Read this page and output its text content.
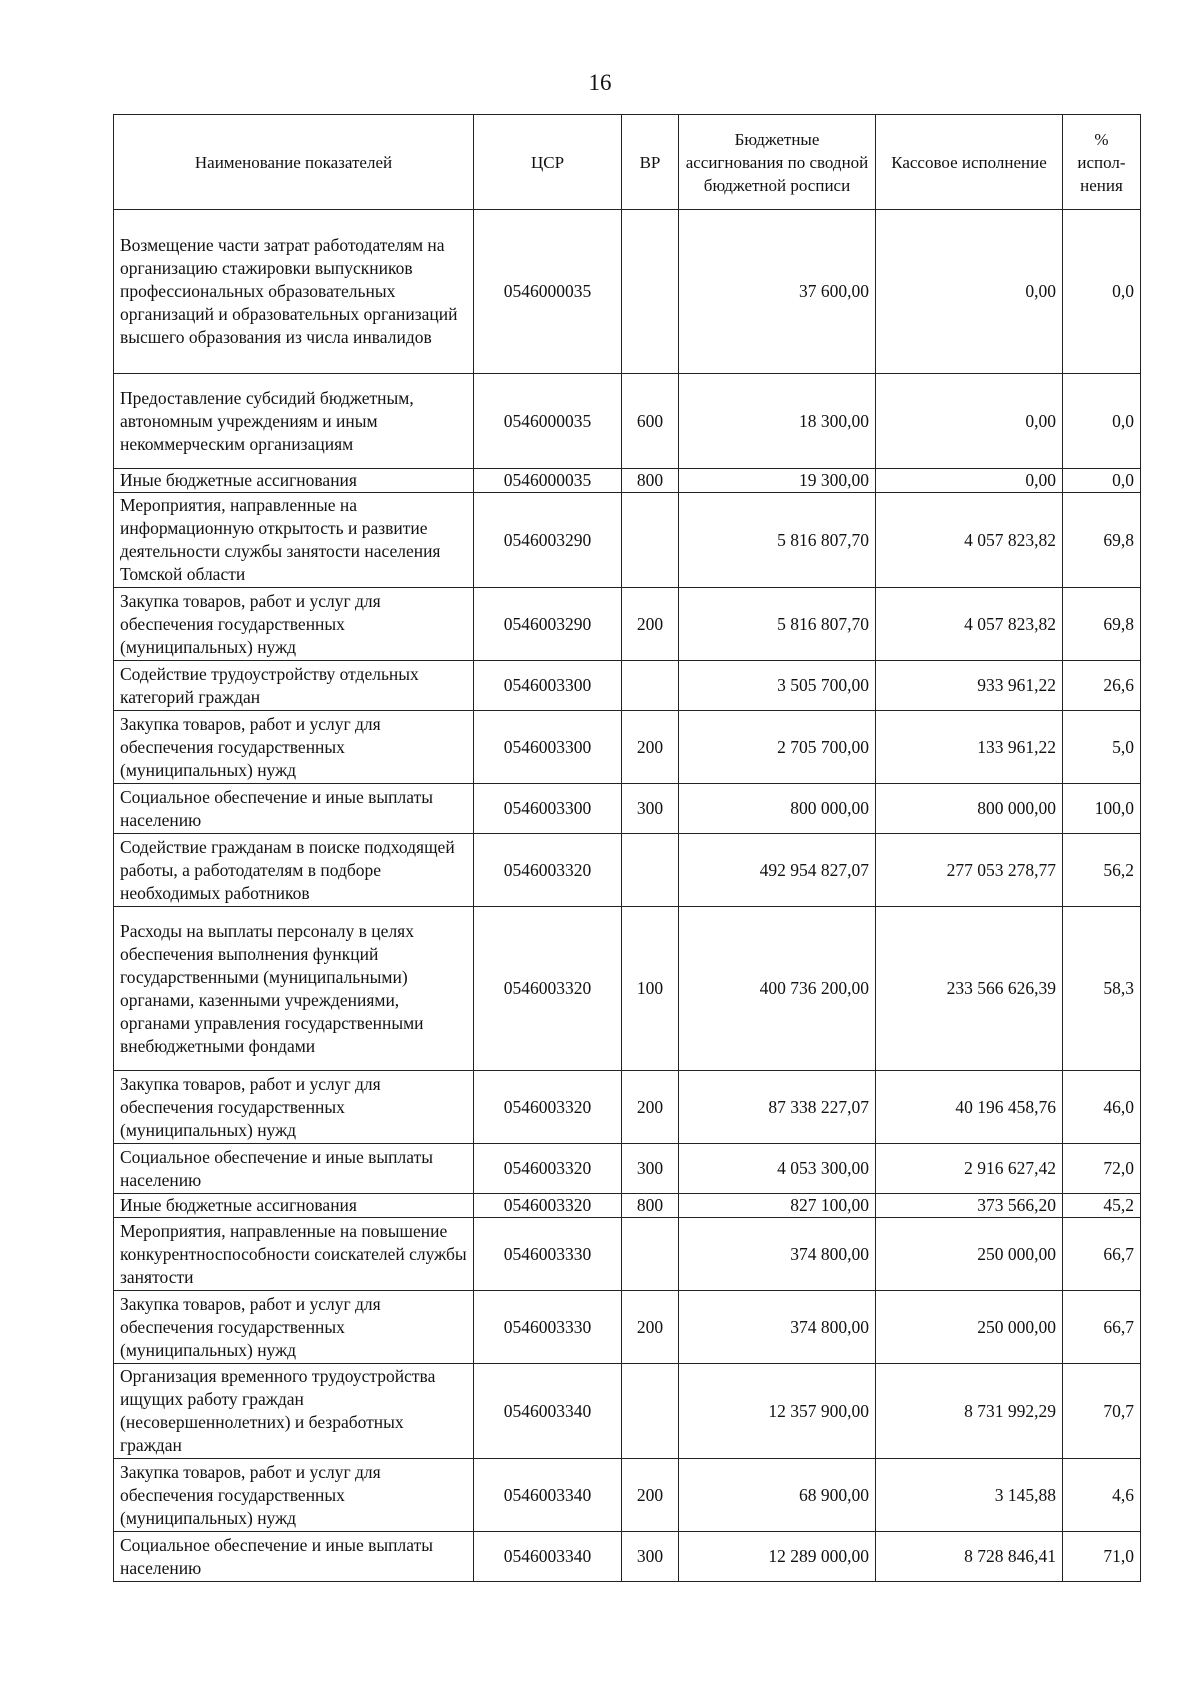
16
Наименование показателей	ЦСР	ВР	Бюджетные ассигнования по сводной бюджетной росписи	Кассовое исполнение	% испол-нения
Возмещение части затрат работодателям на организацию стажировки выпускников профессиональных образовательных организаций и образовательных организаций высшего образования из числа инвалидов	0546000035		37 600,00	0,00	0,0
Предоставление субсидий бюджетным, автономным учреждениям и иным некоммерческим организациям	0546000035	600	18 300,00	0,00	0,0
Иные бюджетные ассигнования	0546000035	800	19 300,00	0,00	0,0
Мероприятия, направленные на информационную открытость и развитие деятельности службы занятости населения Томской области	0546003290		5 816 807,70	4 057 823,82	69,8
Закупка товаров, работ и услуг для обеспечения государственных (муниципальных) нужд	0546003290	200	5 816 807,70	4 057 823,82	69,8
Содействие трудоустройству отдельных категорий граждан	0546003300		3 505 700,00	933 961,22	26,6
Закупка товаров, работ и услуг для обеспечения государственных (муниципальных) нужд	0546003300	200	2 705 700,00	133 961,22	5,0
Социальное обеспечение и иные выплаты населению	0546003300	300	800 000,00	800 000,00	100,0
Содействие гражданам в поиске подходящей работы, а работодателям в подборе необходимых работников	0546003320		492 954 827,07	277 053 278,77	56,2
Расходы на выплаты персоналу в целях обеспечения выполнения функций государственными (муниципальными) органами, казенными учреждениями, органами управления государственными внебюджетными фондами	0546003320	100	400 736 200,00	233 566 626,39	58,3
Закупка товаров, работ и услуг для обеспечения государственных (муниципальных) нужд	0546003320	200	87 338 227,07	40 196 458,76	46,0
Социальное обеспечение и иные выплаты населению	0546003320	300	4 053 300,00	2 916 627,42	72,0
Иные бюджетные ассигнования	0546003320	800	827 100,00	373 566,20	45,2
Мероприятия, направленные на повышение конкурентноспособности соискателей службы занятости	0546003330		374 800,00	250 000,00	66,7
Закупка товаров, работ и услуг для обеспечения государственных (муниципальных) нужд	0546003330	200	374 800,00	250 000,00	66,7
Организация временного трудоустройства ищущих работу граждан (несовершеннолетних) и безработных граждан	0546003340		12 357 900,00	8 731 992,29	70,7
Закупка товаров, работ и услуг для обеспечения государственных (муниципальных) нужд	0546003340	200	68 900,00	3 145,88	4,6
Социальное обеспечение и иные выплаты населению	0546003340	300	12 289 000,00	8 728 846,41	71,0
